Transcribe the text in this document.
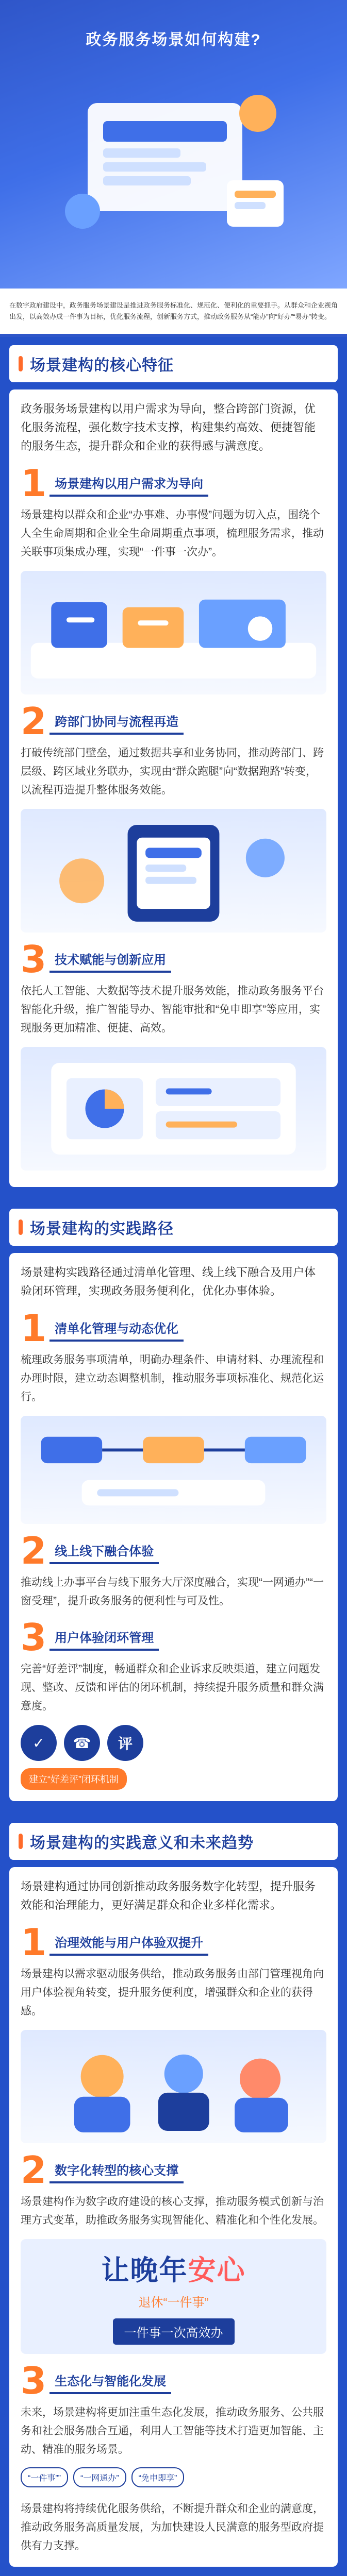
政务服务场景如何构建?
在数字政府建设中，政务服务场景建设是推进政务服务标准化、规范化、便利化的重要抓手。从群众和企业视角出发，以高效办成一件事为目标，优化服务流程，创新服务方式，推动政务服务从“能办”向“好办”“易办”转变。
场景建构的核心特征
政务服务场景建构以用户需求为导向，整合跨部门资源，优化服务流程，强化数字技术支撑，构建集约高效、便捷智能的服务生态，提升群众和企业的获得感与满意度。
1 场景建构以用户需求为导向
场景建构以群众和企业“办事难、办事慢”问题为切入点，围绕个人全生命周期和企业全生命周期重点事项，梳理服务需求，推动关联事项集成办理，实现“一件事一次办”。
2 跨部门协同与流程再造
打破传统部门壁垒，通过数据共享和业务协同，推动跨部门、跨层级、跨区域业务联办，实现由“群众跑腿”向“数据跑路”转变，以流程再造提升整体服务效能。
3 技术赋能与创新应用
依托人工智能、大数据等技术提升服务效能，推动政务服务平台智能化升级，推广智能导办、智能审批和“免申即享”等应用，实现服务更加精准、便捷、高效。
场景建构的实践路径
场景建构实践路径通过清单化管理、线上线下融合及用户体验闭环管理，实现政务服务便利化，优化办事体验。
1 清单化管理与动态优化
梳理政务服务事项清单，明确办理条件、申请材料、办理流程和办理时限，建立动态调整机制，推动服务事项标准化、规范化运行。
2 线上线下融合体验
推动线上办事平台与线下服务大厅深度融合，实现“一网通办”“一窗受理”，提升政务服务的便利性与可及性。
3 用户体验闭环管理
完善“好差评”制度，畅通群众和企业诉求反映渠道，建立问题发现、整改、反馈和评估的闭环机制，持续提升服务质量和群众满意度。
✓	☎	评
建立“好差评”闭环机制
场景建构的实践意义和未来趋势
场景建构通过协同创新推动政务服务数字化转型，提升服务效能和治理能力，更好满足群众和企业多样化需求。
1 治理效能与用户体验双提升
场景建构以需求驱动服务供给，推动政务服务由部门管理视角向用户体验视角转变，提升服务便利度，增强群众和企业的获得感。
2 数字化转型的核心支撑
场景建构作为数字政府建设的核心支撑，推动服务模式创新与治理方式变革，助推政务服务实现智能化、精准化和个性化发展。
让晚年安心
退休“一件事”
一件事一次高效办
3 生态化与智能化发展
未来，场景建构将更加注重生态化发展，推动政务服务、公共服务和社会服务融合互通，利用人工智能等技术打造更加智能、主动、精准的服务场景。
“一件事””	“一网通办”	“免申即享”
场景建构将持续优化服务供给，不断提升群众和企业的满意度，推动政务服务高质量发展，为加快建设人民满意的服务型政府提供有力支撑。
